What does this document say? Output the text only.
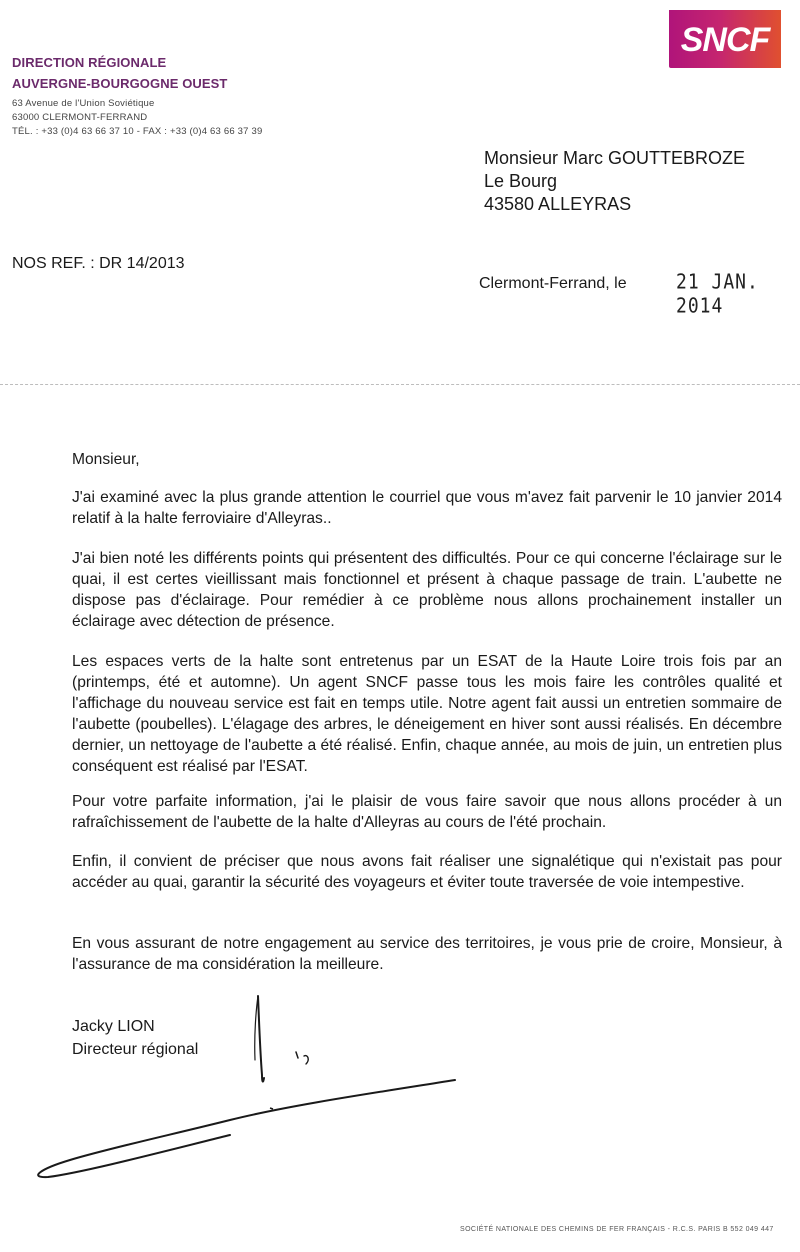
DIRECTION RÉGIONALE
AUVERGNE-BOURGOGNE OUEST
63 Avenue de l'Union Soviétique
63000 CLERMONT-FERRAND
TÉL. : +33 (0)4 63 66 37 10 - FAX : +33 (0)4 63 66 37 39
SNCF
Monsieur Marc GOUTTEBROZE
Le Bourg
43580 ALLEYRAS
NOS REF. : DR 14/2013
Clermont-Ferrand, le	21 JAN. 2014
Monsieur,

J'ai examiné avec la plus grande attention le courriel que vous m'avez fait parvenir le 10 janvier 2014 relatif à la halte ferroviaire d'Alleyras..

J'ai bien noté les différents points qui présentent des difficultés. Pour ce qui concerne l'éclairage sur le quai, il est certes vieillissant mais fonctionnel et présent à chaque passage de train. L'aubette ne dispose pas d'éclairage. Pour remédier à ce problème nous allons prochainement installer un éclairage avec détection de présence.

Les espaces verts de la halte sont entretenus par un ESAT de la Haute Loire trois fois par an (printemps, été et automne). Un agent SNCF passe tous les mois faire les contrôles qualité et l'affichage du nouveau service est fait en temps utile. Notre agent fait aussi un entretien sommaire de l'aubette (poubelles). L'élagage des arbres, le déneigement en hiver sont aussi réalisés. En décembre dernier, un nettoyage de l'aubette a été réalisé. Enfin, chaque année, au mois de juin, un entretien plus conséquent est réalisé par l'ESAT.

Pour votre parfaite information, j'ai le plaisir de vous faire savoir que nous allons procéder à un rafraîchissement de l'aubette de la halte d'Alleyras au cours de l'été prochain.

Enfin, il convient de préciser que nous avons fait réaliser une signalétique qui n'existait pas pour accéder au quai, garantir la sécurité des voyageurs et éviter toute traversée de voie intempestive.

En vous assurant de notre engagement au service des territoires, je vous prie de croire, Monsieur, à l'assurance de ma considération la meilleure.

Jacky LION
Directeur régional
SOCIÉTÉ NATIONALE DES CHEMINS DE FER FRANÇAIS - R.C.S. PARIS B 552 049 447
